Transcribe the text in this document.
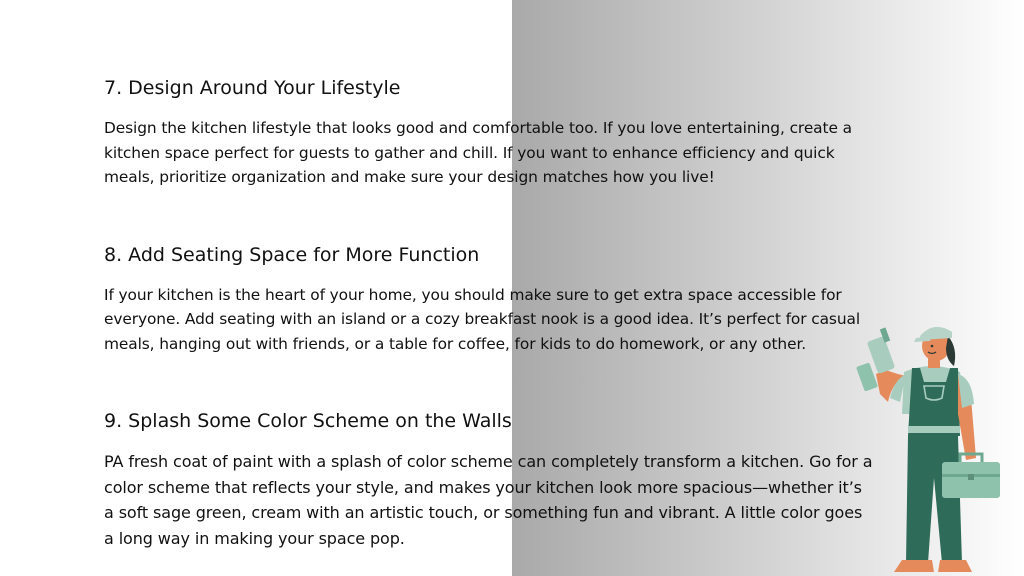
7. Design Around Your Lifestyle

Design the kitchen lifestyle that looks good and comfortable too. If you love entertaining, create a kitchen space perfect for guests to gather and chill. If you want to enhance efficiency and quick meals, prioritize organization and make sure your design matches how you live!

8. Add Seating Space for More Function

If your kitchen is the heart of your home, you should make sure to get extra space accessible for everyone. Add seating with an island or a cozy breakfast nook is a good idea. It’s perfect for casual meals, hanging out with friends, or a table for coffee, for kids to do homework, or any other.

9. Splash Some Color Scheme on the Walls

PA fresh coat of paint with a splash of color scheme can completely transform a kitchen. Go for a color scheme that reflects your style, and makes your kitchen look more spacious—whether it’s a soft sage green, cream with an artistic touch, or something fun and vibrant. A little color goes a long way in making your space pop.
